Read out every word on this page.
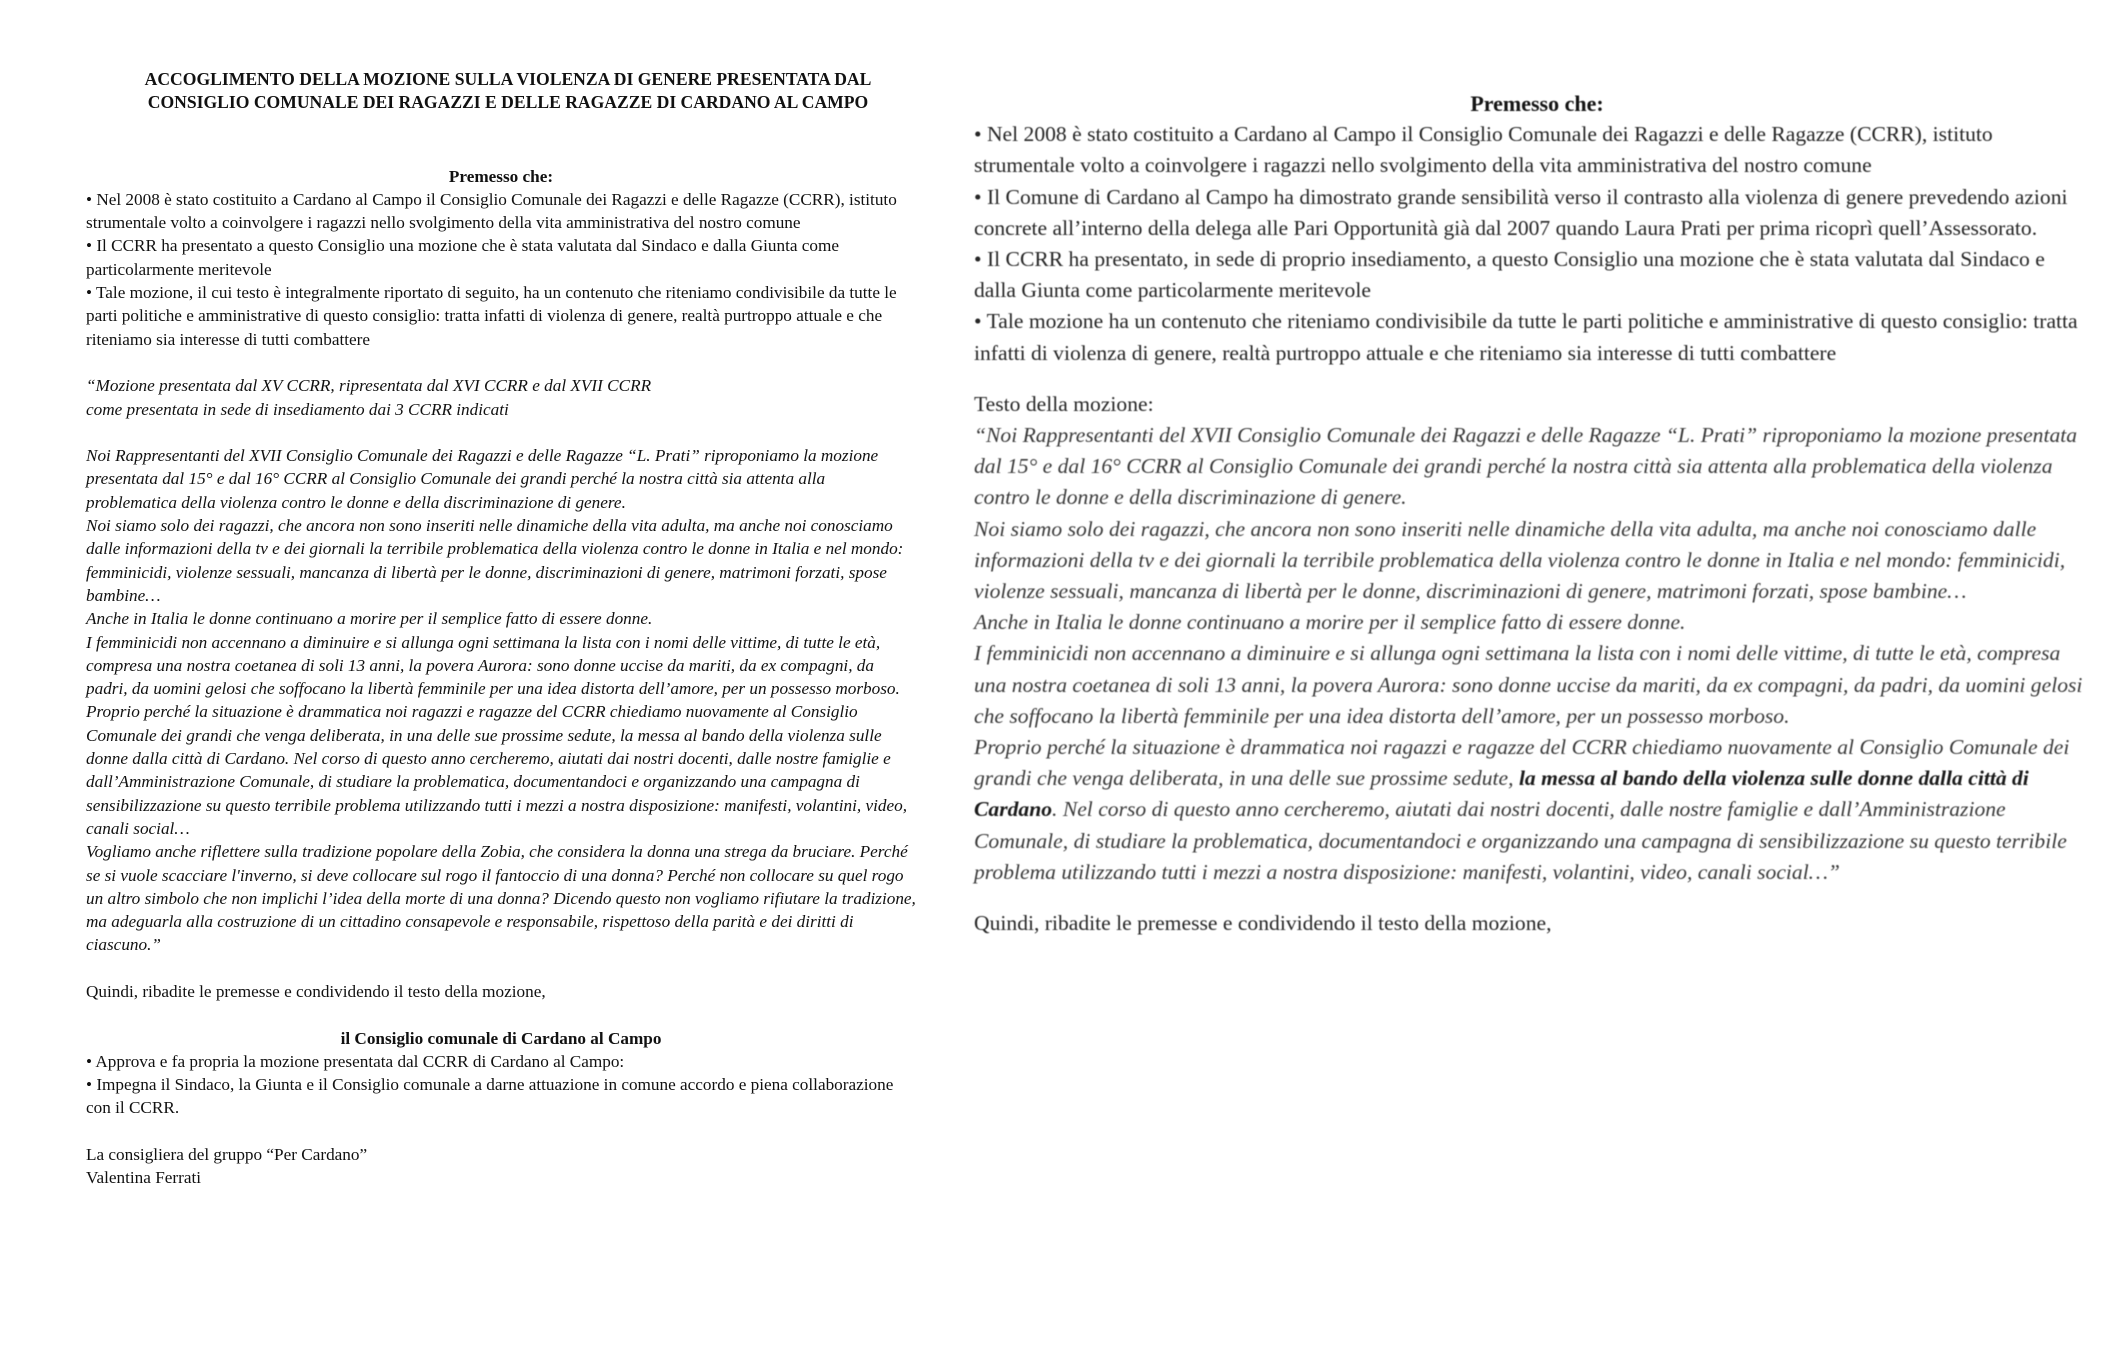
ACCOGLIMENTO DELLA MOZIONE SULLA VIOLENZA DI GENERE PRESENTATA DAL CONSIGLIO COMUNALE DEI RAGAZZI E DELLE RAGAZZE DI CARDANO AL CAMPO

Premesso che:

• Nel 2008 è stato costituito a Cardano al Campo il Consiglio Comunale dei Ragazzi e delle Ragazze (CCRR), istituto strumentale volto a coinvolgere i ragazzi nello svolgimento della vita amministrativa del nostro comune

• Il CCRR ha presentato a questo Consiglio una mozione che è stata valutata dal Sindaco e dalla Giunta come particolarmente meritevole

• Tale mozione, il cui testo è integralmente riportato di seguito, ha un contenuto che riteniamo condivisibile da tutte le parti politiche e amministrative di questo consiglio: tratta infatti di violenza di genere, realtà purtroppo attuale e che riteniamo sia interesse di tutti combattere

“Mozione presentata dal XV CCRR, ripresentata dal XVI CCRR e dal XVII CCRR
come presentata in sede di insediamento dai 3 CCRR indicati

Noi Rappresentanti del XVII Consiglio Comunale dei Ragazzi e delle Ragazze “L. Prati” riproponiamo la mozione presentata dal 15° e dal 16° CCRR al Consiglio Comunale dei grandi perché la nostra città sia attenta alla problematica della violenza contro le donne e della discriminazione di genere.

Noi siamo solo dei ragazzi, che ancora non sono inseriti nelle dinamiche della vita adulta, ma anche noi conosciamo dalle informazioni della tv e dei giornali la terribile problematica della violenza contro le donne in Italia e nel mondo: femminicidi, violenze sessuali, mancanza di libertà per le donne, discriminazioni di genere, matrimoni forzati, spose bambine…

Anche in Italia le donne continuano a morire per il semplice fatto di essere donne.

I femminicidi non accennano a diminuire e si allunga ogni settimana la lista con i nomi delle vittime, di tutte le età, compresa una nostra coetanea di soli 13 anni, la povera Aurora: sono donne uccise da mariti, da ex compagni, da padri, da uomini gelosi che soffocano la libertà femminile per una idea distorta dell’amore, per un possesso morboso.

Proprio perché la situazione è drammatica noi ragazzi e ragazze del CCRR chiediamo nuovamente al Consiglio Comunale dei grandi che venga deliberata, in una delle sue prossime sedute, la messa al bando della violenza sulle donne dalla città di Cardano. Nel corso di questo anno cercheremo, aiutati dai nostri docenti, dalle nostre famiglie e dall’Amministrazione Comunale, di studiare la problematica, documentandoci e organizzando una campagna di sensibilizzazione su questo terribile problema utilizzando tutti i mezzi a nostra disposizione: manifesti, volantini, video, canali social…

Vogliamo anche riflettere sulla tradizione popolare della Zobia, che considera la donna una strega da bruciare. Perché se si vuole scacciare l'inverno, si deve collocare sul rogo il fantoccio di una donna? Perché non collocare su quel rogo un altro simbolo che non implichi l’idea della morte di una donna? Dicendo questo non vogliamo rifiutare la tradizione, ma adeguarla alla costruzione di un cittadino consapevole e responsabile, rispettoso della parità e dei diritti di ciascuno.”

Quindi, ribadite le premesse e condividendo il testo della mozione,

il Consiglio comunale di Cardano al Campo

• Approva e fa propria la mozione presentata dal CCRR di Cardano al Campo:

• Impegna il Sindaco, la Giunta e il Consiglio comunale a darne attuazione in comune accordo e piena collaborazione con il CCRR.

La consigliera del gruppo “Per Cardano”
Valentina Ferrati

Premesso che:

• Nel 2008 è stato costituito a Cardano al Campo il Consiglio Comunale dei Ragazzi e delle Ragazze (CCRR), istituto strumentale volto a coinvolgere i ragazzi nello svolgimento della vita amministrativa del nostro comune

• Il Comune di Cardano al Campo ha dimostrato grande sensibilità verso il contrasto alla violenza di genere prevedendo azioni concrete all’interno della delega alle Pari Opportunità già dal 2007 quando Laura Prati per prima ricoprì quell’Assessorato.

• Il CCRR ha presentato, in sede di proprio insediamento, a questo Consiglio una mozione che è stata valutata dal Sindaco e dalla Giunta come particolarmente meritevole

• Tale mozione ha un contenuto che riteniamo condivisibile da tutte le parti politiche e amministrative di questo consiglio: tratta infatti di violenza di genere, realtà purtroppo attuale e che riteniamo sia interesse di tutti combattere

Testo della mozione:

“Noi Rappresentanti del XVII Consiglio Comunale dei Ragazzi e delle Ragazze “L. Prati” riproponiamo la mozione presentata dal 15° e dal 16° CCRR al Consiglio Comunale dei grandi perché la nostra città sia attenta alla problematica della violenza contro le donne e della discriminazione di genere.

Noi siamo solo dei ragazzi, che ancora non sono inseriti nelle dinamiche della vita adulta, ma anche noi conosciamo dalle informazioni della tv e dei giornali la terribile problematica della violenza contro le donne in Italia e nel mondo: femminicidi, violenze sessuali, mancanza di libertà per le donne, discriminazioni di genere, matrimoni forzati, spose bambine…

Anche in Italia le donne continuano a morire per il semplice fatto di essere donne.

I femminicidi non accennano a diminuire e si allunga ogni settimana la lista con i nomi delle vittime, di tutte le età, compresa una nostra coetanea di soli 13 anni, la povera Aurora: sono donne uccise da mariti, da ex compagni, da padri, da uomini gelosi che soffocano la libertà femminile per una idea distorta dell’amore, per un possesso morboso.

Proprio perché la situazione è drammatica noi ragazzi e ragazze del CCRR chiediamo nuovamente al Consiglio Comunale dei grandi che venga deliberata, in una delle sue prossime sedute, la messa al bando della violenza sulle donne dalla città di Cardano. Nel corso di questo anno cercheremo, aiutati dai nostri docenti, dalle nostre famiglie e dall’Amministrazione Comunale, di studiare la problematica, documentandoci e organizzando una campagna di sensibilizzazione su questo terribile problema utilizzando tutti i mezzi a nostra disposizione: manifesti, volantini, video, canali social…”

Quindi, ribadite le premesse e condividendo il testo della mozione,
